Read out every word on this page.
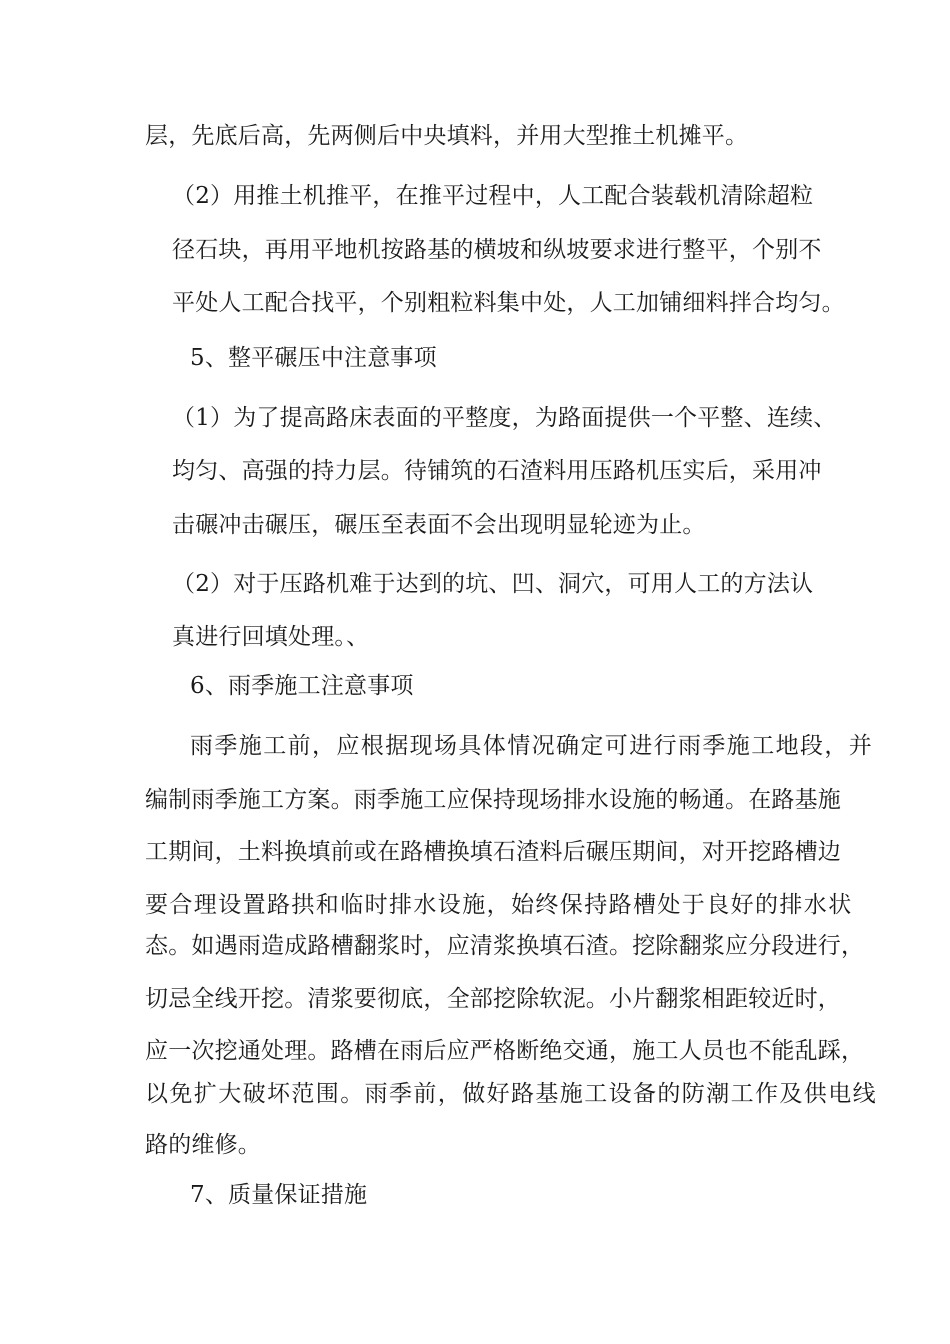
层，先底后高，先两侧后中央填料，并用大型推土机摊平。
（2）用推土机推平，在推平过程中，人工配合装载机清除超粒
径石块，再用平地机按路基的横坡和纵坡要求进行整平，个别不
平处人工配合找平，个别粗粒料集中处，人工加铺细料拌合均匀。
5、整平碾压中注意事项
（1）为了提高路床表面的平整度，为路面提供一个平整、连续、
均匀、高强的持力层。待铺筑的石渣料用压路机压实后，采用冲
击碾冲击碾压，碾压至表面不会出现明显轮迹为止。
（2）对于压路机难于达到的坑、凹、洞穴，可用人工的方法认
真进行回填处理。、
6、雨季施工注意事项
雨季施工前，应根据现场具体情况确定可进行雨季施工地段，并
编制雨季施工方案。雨季施工应保持现场排水设施的畅通。在路基施
工期间，土料换填前或在路槽换填石渣料后碾压期间，对开挖路槽边
要合理设置路拱和临时排水设施，始终保持路槽处于良好的排水状
态。如遇雨造成路槽翻浆时，应清浆换填石渣。挖除翻浆应分段进行，
切忌全线开挖。清浆要彻底，全部挖除软泥。小片翻浆相距较近时，
应一次挖通处理。路槽在雨后应严格断绝交通，施工人员也不能乱踩，
以免扩大破坏范围。雨季前，做好路基施工设备的防潮工作及供电线
路的维修。
7、质量保证措施
